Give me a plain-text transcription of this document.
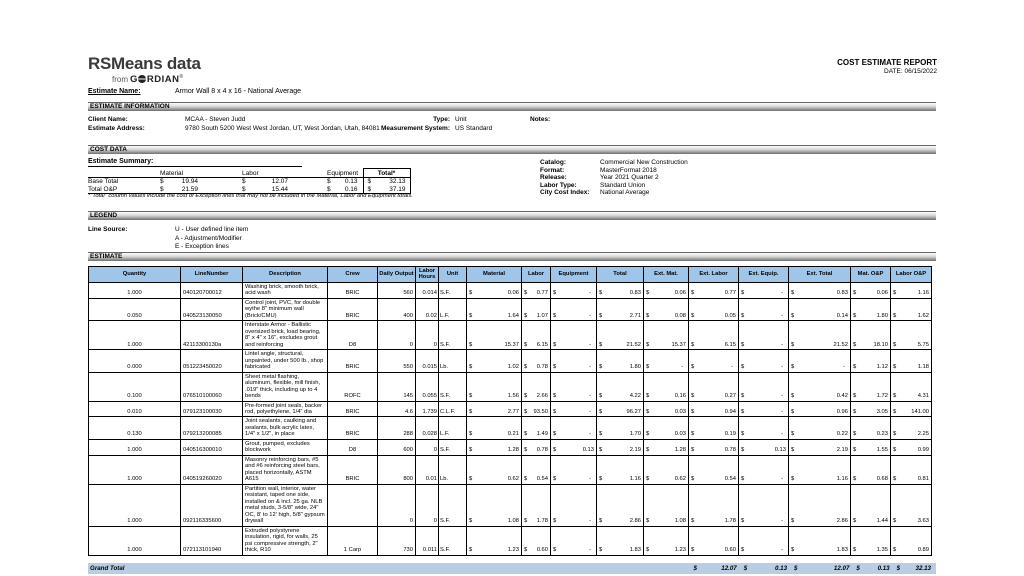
RSMeans data
from G RDIAN®
COST ESTIMATE REPORT
DATE: 06/15/2022
Estimate Name:	Armor Wall 8 x 4 x 16 - National Average
ESTIMATE INFORMATION
COST DATA
LEGEND
ESTIMATE
Client Name:	MCAA - Steven Judd
Estimate Address:	9780 South 5200 West West Jordan, UT, West Jordan, Utah, 84081
Type: Unit
Measurement System: US Standard
Notes:
Estimate Summary:
	Material	Labor	Equipment	Total*
Base Total	$ 19.94	$ 12.07	$ 0.13	$ 32.13

Total O&P	$ 21.59	$ 15.44	$ 0.16	$ 37.19
*"Total" column values include the cost of Exception lines that may not be included in the Material, Labor and Equipment totals.
Catalog:	Commercial New Construction
Format:	MasterFormat 2018
Release:	Year 2021 Quarter 2
Labor Type:	Standard Union
City Cost Index:	National Average
Line Source:	U - User defined line item
A - Adjustment/Modifier
E - Exception lines
Quantity	LineNumber	Description	Crew	Daily Output	Labor Hours	Unit	Material	Labor	Equipment	Total	Ext. Mat.	Ext. Labor	Ext. Equip.	Ext. Total	Mat. O&P	Labor O&P
1.000	040120700012	Washing brick, smooth brick, acid wash	BRIC	560	0.014	S.F.	$ 0.06	$ 0.77	$ -	$ 0.83	$ 0.06	$ 0.77	$ -	$ 0.83	$ 0.06	$ 1.16

0.050	040523130050	Control joint, PVC, for double wythe 8" minimum wall (Brick/CMU)	BRIC	400	0.02	L.F.	$ 1.64	$ 1.07	$ -	$ 2.71	$ 0.08	$ 0.05	$ -	$ 0.14	$ 1.80	$ 1.62

1.000	42113300130a	Interstate Armor - Ballistic oversized brick, load bearing, 8" x 4" x 16", excludes grout and reinforcing	D8	0	0	S.F.	$ 15.37	$ 6.15	$ -	$ 21.52	$ 15.37	$ 6.15	$ -	$ 21.52	$ 18.10	$ 5.75

0.000	051223450020	Lintel angle, structural, unpainted, under 500 lb., shop fabricated	BRIC	550	0.015	Lb.	$ 1.02	$ 0.78	$ -	$ 1.80	$ -	$ -	$ -	$ -	$ 1.12	$ 1.18

0.100	076510100060	Sheet metal flashing, aluminum, flexible, mill finish, .019" thick, including up to 4 bends	ROFC	145	0.055	S.F.	$ 1.56	$ 2.66	$ -	$ 4.22	$ 0.16	$ 0.27	$ -	$ 0.42	$ 1.72	$ 4.31

0.010	079123100030	Pre-formed joint seals, backer rod, polyethylene, 1/4" dia	BRIC	4.6	1.739	C.L.F.	$ 2.77	$ 93.50	$ -	$ 96.27	$ 0.03	$ 0.94	$ -	$ 0.96	$ 3.05	$ 141.00

0.130	079213200085	Joint sealants, caulking and sealants, bulk acrylic latex, 1/4" x 1/2", in place	BRIC	288	0.028	L.F.	$ 0.21	$ 1.49	$ -	$ 1.70	$ 0.03	$ 0.19	$ -	$ 0.22	$ 0.23	$ 2.25

1.000	040516300010	Grout, pumped, excludes blockwork	D8	600	0	S.F.	$ 1.28	$ 0.78	$ 0.13	$ 2.19	$ 1.28	$ 0.78	$ 0.13	$ 2.19	$ 1.55	$ 0.99

1.000	040519260020	Masonry reinforcing bars, #5 and #6 reinforcing steel bars, placed horizontally, ASTM A615	BRIC	800	0.01	Lb.	$ 0.62	$ 0.54	$ -	$ 1.16	$ 0.62	$ 0.54	$ -	$ 1.16	$ 0.68	$ 0.81

1.000	092116335600	Partition wall, interior, water resistant, taped one side, installed on & incl. 25 ga. NLB metal studs, 3-5/8" wide, 24" OC, 8' to 12' high, 5/8" gypsum drywall		0	0	S.F.	$ 1.08	$ 1.78	$ -	$ 2.86	$ 1.08	$ 1.78	$ -	$ 2.86	$ 1.44	$ 3.63

1.000	072113101940	Extruded polystyrene insulation, rigid, for walls, 25 psi compressive strength, 2" thick, R10	1 Carp	730	0.011	S.F.	$ 1.23	$ 0.60	$ -	$ 1.83	$ 1.23	$ 0.60	$ -	$ 1.83	$ 1.35	$ 0.89
Grand Total	$	12.07	$	0.13	$	12.07	$	0.13	$ 32.13
